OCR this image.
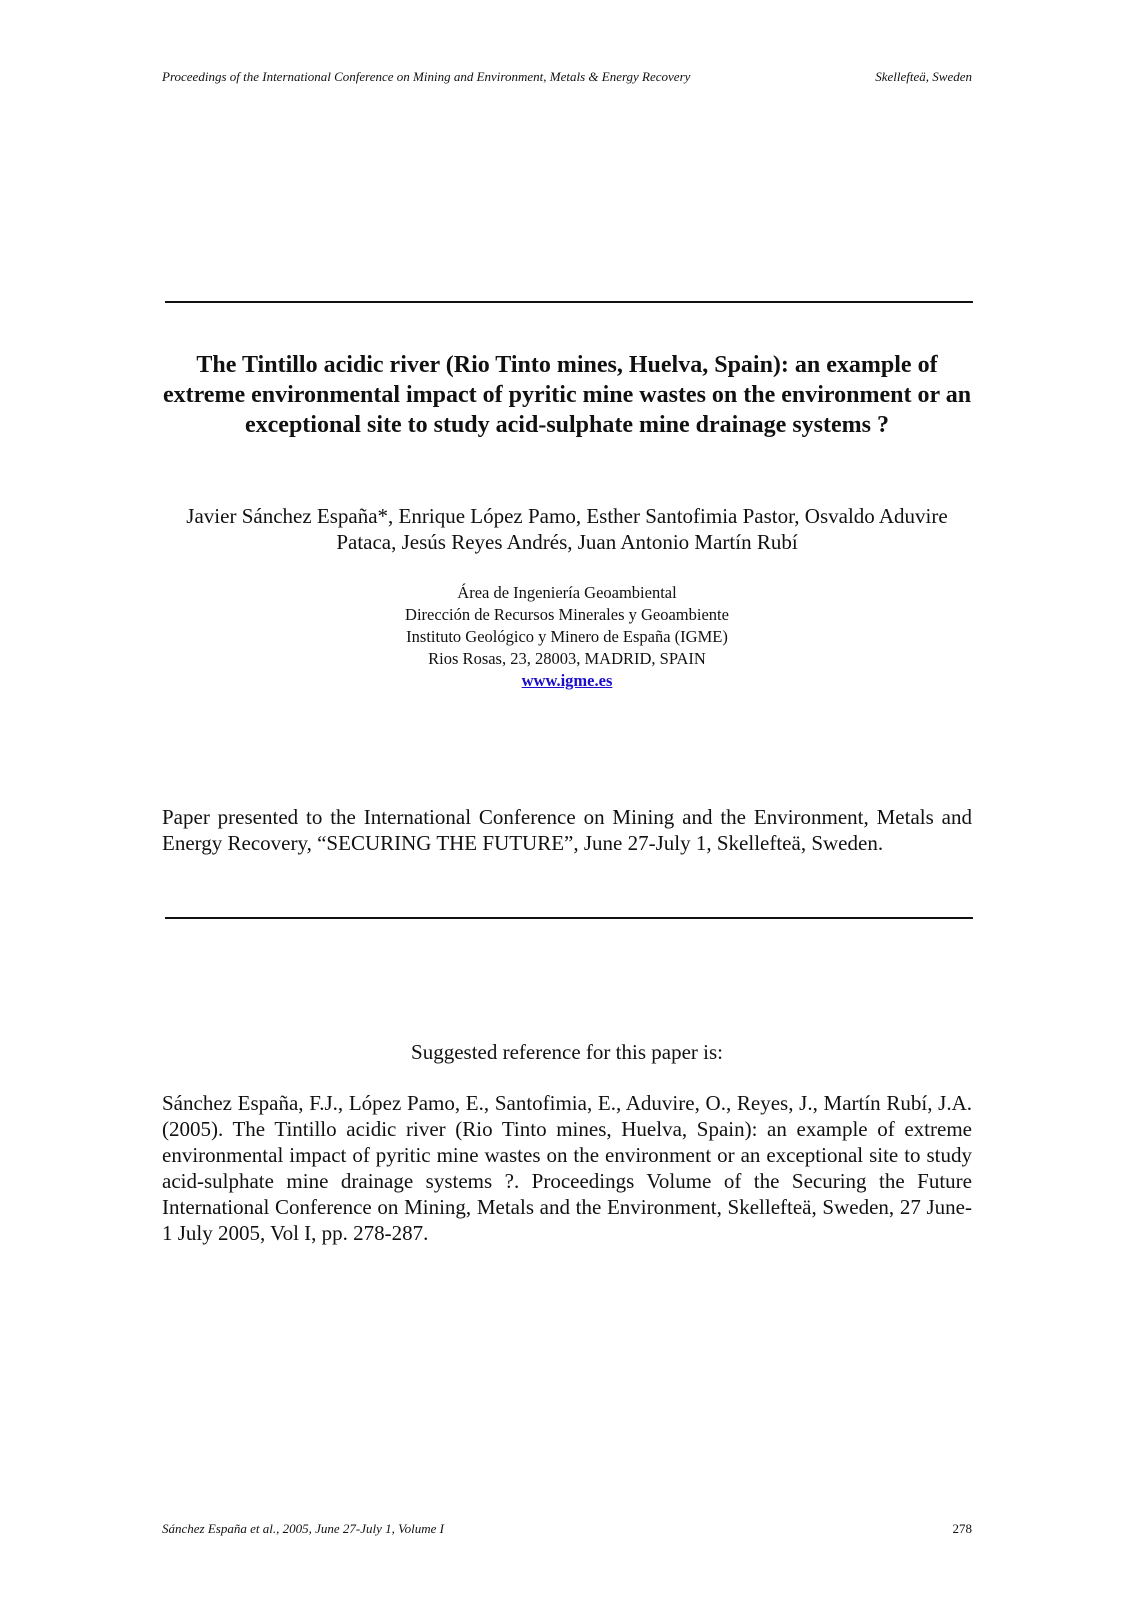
Proceedings of the International Conference on Mining and Environment, Metals & Energy Recovery	Skellefteä, Sweden
The Tintillo acidic river (Rio Tinto mines, Huelva, Spain): an example of extreme environmental impact of pyritic mine wastes on the environment or an exceptional site to study acid-sulphate mine drainage systems ?
Javier Sánchez España*, Enrique López Pamo, Esther Santofimia Pastor, Osvaldo Aduvire Pataca, Jesús Reyes Andrés, Juan Antonio Martín Rubí
Área de Ingeniería Geoambiental
Dirección de Recursos Minerales y Geoambiente
Instituto Geológico y Minero de España (IGME)
Rios Rosas, 23, 28003, MADRID, SPAIN
www.igme.es
Paper presented to the International Conference on Mining and the Environment, Metals and Energy Recovery, “SECURING THE FUTURE”, June 27-July 1, Skellefteä, Sweden.
Suggested reference for this paper is:
Sánchez España, F.J., López Pamo, E., Santofimia, E., Aduvire, O., Reyes, J., Martín Rubí, J.A. (2005). The Tintillo acidic river (Rio Tinto mines, Huelva, Spain): an example of extreme environmental impact of pyritic mine wastes on the environment or an exceptional site to study acid-sulphate mine drainage systems ?. Proceedings Volume of the Securing the Future International Conference on Mining, Metals and the Environment, Skellefteä, Sweden, 27 June-1 July 2005, Vol I, pp. 278-287.
Sánchez España et al., 2005, June 27-July 1, Volume I	278
